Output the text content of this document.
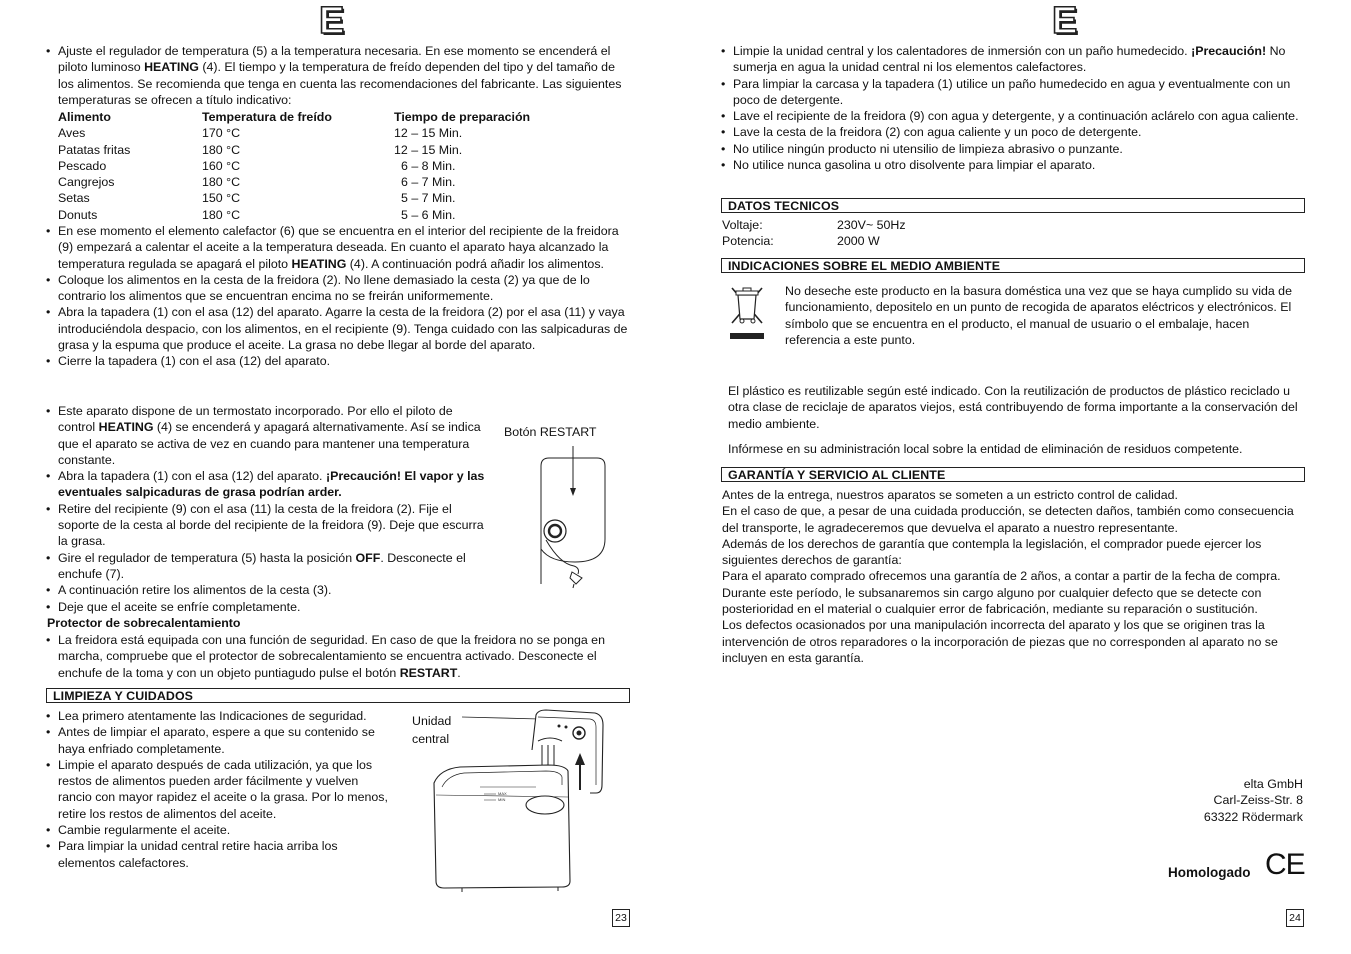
E
• Ajuste el regulador de temperatura (5) a la temperatura necesaria. En ese momento se encenderá el piloto luminoso HEATING (4). El tiempo y la temperatura de freído dependen del tipo y del tamaño de los alimentos. Se recomienda que tenga en cuenta las recomendaciones del fabricante. Las siguientes temperaturas se ofrecen a título indicativo:
Alimento	Temperatura de freído	Tiempo de preparación
Aves	170 °C	12 – 15 Min.
Patatas fritas	180 °C	12 – 15 Min.
Pescado	160 °C	6 – 8 Min.
Cangrejos	180 °C	6 – 7 Min.
Setas	150 °C	5 – 7 Min.
Donuts	180 °C	5 – 6 Min.
• En ese momento el elemento calefactor (6) que se encuentra en el interior del recipiente de la freidora (9) empezará a calentar el aceite a la temperatura deseada. En cuanto el aparato haya alcanzado la temperatura regulada se apagará el piloto HEATING (4). A continuación podrá añadir los alimentos.
• Coloque los alimentos en la cesta de la freidora (2). No llene demasiado la cesta (2) ya que de lo contrario los alimentos que se encuentran encima no se freirán uniformemente.
• Abra la tapadera (1) con el asa (12) del aparato. Agarre la cesta de la freidora (2) por el asa (11) y vaya introduciéndola despacio, con los alimentos, en el recipiente (9). Tenga cuidado con las salpicaduras de grasa y la espuma que produce el aceite. La grasa no debe llegar al borde del aparato.
• Cierre la tapadera (1) con el asa (12) del aparato.
• Este aparato dispone de un termostato incorporado. Por ello el piloto de control HEATING (4) se encenderá y apagará alternativamente. Así se indica que el aparato se activa de vez en cuando para mantener una temperatura constante.
• Abra la tapadera (1) con el asa (12) del aparato. ¡Precaución! El vapor y las eventuales salpicaduras de grasa podrían arder.
• Retire del recipiente (9) con el asa (11) la cesta de la freidora (2). Fije el soporte de la cesta al borde del recipiente de la freidora (9). Deje que escurra la grasa.
• Gire el regulador de temperatura (5) hasta la posición OFF. Desconecte el enchufe (7).
• A continuación retire los alimentos de la cesta (3).
• Deje que el aceite se enfríe completamente.
Protector de sobrecalentamiento
Botón RESTART
• La freidora está equipada con una función de seguridad. En caso de que la freidora no se ponga en marcha, compruebe que el protector de sobrecalentamiento se encuentra activado. Desconecte el enchufe de la toma y con un objeto puntiagudo pulse el botón RESTART.
LIMPIEZA Y CUIDADOS
• Lea primero atentamente las Indicaciones de seguridad.
• Antes de limpiar el aparato, espere a que su contenido se haya enfriado completamente.
• Limpie el aparato después de cada utilización, ya que los restos de alimentos pueden arder fácilmente y vuelven rancio con mayor rapidez el aceite o la grasa. Por lo menos, retire los restos de alimentos del aceite.
• Cambie regularmente el aceite.
• Para limpiar la unidad central retire hacia arriba los elementos calefactores.
Unidad
central
MAX
MIN
23
E
• Limpie la unidad central y los calentadores de inmersión con un paño humedecido. ¡Precaución! No sumerja en agua la unidad central ni los elementos calefactores.
• Para limpiar la carcasa y la tapadera (1) utilice un paño humedecido en agua y eventualmente con un poco de detergente.
• Lave el recipiente de la freidora (9) con agua y detergente, y a continuación aclárelo con agua caliente.
• Lave la cesta de la freidora (2) con agua caliente y un poco de detergente.
• No utilice ningún producto ni utensilio de limpieza abrasivo o punzante.
• No utilice nunca gasolina u otro disolvente para limpiar el aparato.
DATOS TECNICOS
Voltaje:	230V~ 50Hz
Potencia:	2000 W
INDICACIONES SOBRE EL MEDIO AMBIENTE
No deseche este producto en la basura doméstica una vez que se haya cumplido su vida de funcionamiento, depositelo en un punto de recogida de aparatos eléctricos y electrónicos. El símbolo que se encuentra en el producto, el manual de usuario o el embalaje, hacen referencia a este punto.
El plástico es reutilizable según esté indicado. Con la reutilización de productos de plástico reciclado u otra clase de reciclaje de aparatos viejos, está contribuyendo de forma importante a la conservación del medio ambiente.
Infórmese en su administración local sobre la entidad de eliminación de residuos competente.
GARANTÍA Y SERVICIO AL CLIENTE

Antes de la entrega, nuestros aparatos se someten a un estricto control de calidad.

En el caso de que, a pesar de una cuidada producción, se detecten daños, también como consecuencia del transporte, le agradeceremos que devuelva el aparato a nuestro representante.

Además de los derechos de garantía que contempla la legislación, el comprador puede ejercer los siguientes derechos de garantía:

Para el aparato comprado ofrecemos una garantía de 2 años, a contar a partir de la fecha de compra. Durante este período, le subsanaremos sin cargo alguno por cualquier defecto que se detecte con posterioridad en el material o cualquier error de fabricación, mediante su reparación o sustitución.

Los defectos ocasionados por una manipulación incorrecta del aparato y los que se originen tras la intervención de otros reparadores o la incorporación de piezas que no corresponden al aparato no se incluyen en esta garantía.

elta GmbH
Carl-Zeiss-Str. 8
63322 Rödermark
Homologado CE
24
